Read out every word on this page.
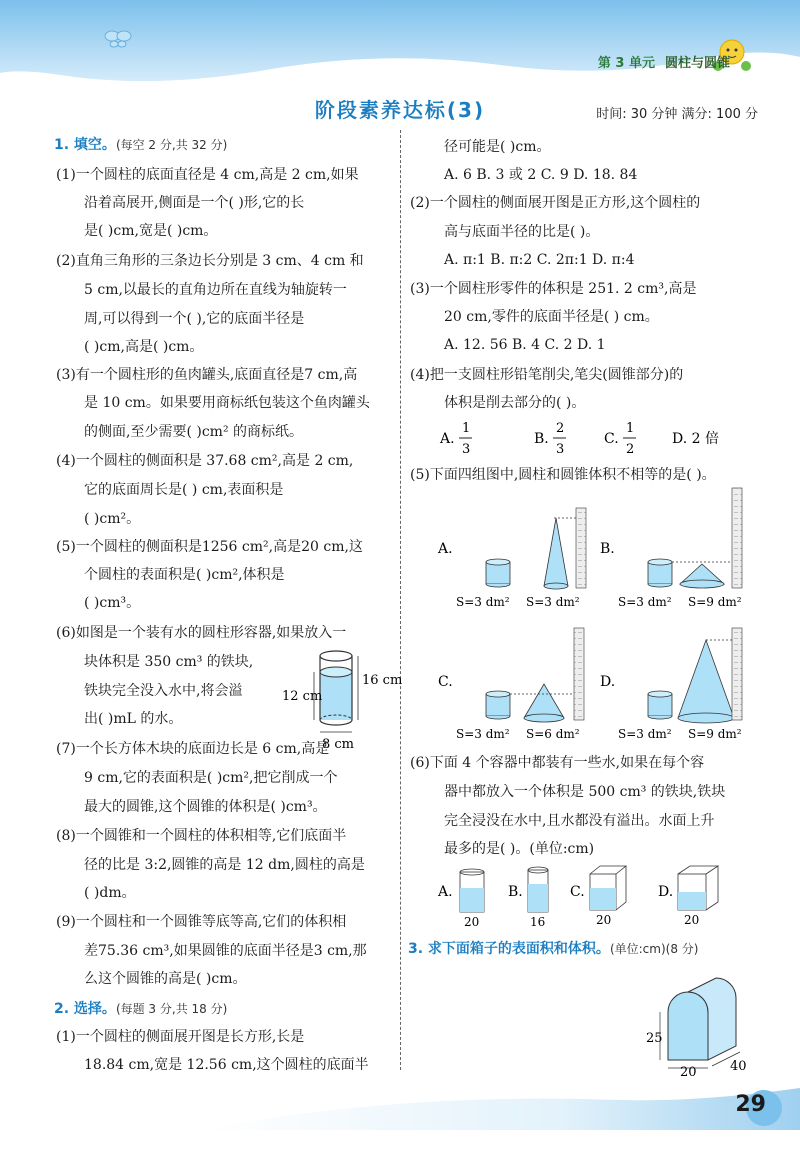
第 3 单元 圆柱与圆锥
阶段素养达标(3)	时间: 30 分钟 满分: 100 分
1. 填空。(每空 2 分,共 32 分)
(1)一个圆柱的底面直径是 4 cm,高是 2 cm,如果
沿着高展开,侧面是一个( )形,它的长
是( )cm,宽是( )cm。
(2)直角三角形的三条边长分别是 3 cm、4 cm 和
5 cm,以最长的直角边所在直线为轴旋转一
周,可以得到一个( ),它的底面半径是
( )cm,高是( )cm。
(3)有一个圆柱形的鱼肉罐头,底面直径是7 cm,高
是 10 cm。如果要用商标纸包装这个鱼肉罐头
的侧面,至少需要( )cm² 的商标纸。
(4)一个圆柱的侧面积是 37.68 cm²,高是 2 cm,
它的底面周长是( ) cm,表面积是
( )cm²。
(5)一个圆柱的侧面积是1256 cm²,高是20 cm,这
个圆柱的表面积是( )cm²,体积是
( )cm³。
(6)如图是一个装有水的圆柱形容器,如果放入一
块体积是 350 cm³ 的铁块,
铁块完全没入水中,将会溢
出( )mL 的水。
16 cm
12 cm
8 cm
(7)一个长方体木块的底面边长是 6 cm,高是
9 cm,它的表面积是( )cm²,把它削成一个
最大的圆锥,这个圆锥的体积是( )cm³。
(8)一个圆锥和一个圆柱的体积相等,它们底面半
径的比是 3:2,圆锥的高是 12 dm,圆柱的高是
( )dm。
(9)一个圆柱和一个圆锥等底等高,它们的体积相
差75.36 cm³,如果圆锥的底面半径是3 cm,那
么这个圆锥的高是( )cm。
2. 选择。(每题 3 分,共 18 分)
(1)一个圆柱的侧面展开图是长方形,长是
18.84 cm,宽是 12.56 cm,这个圆柱的底面半
径可能是( )cm。
A. 6 B. 3 或 2 C. 9 D. 18. 84
(2)一个圆柱的侧面展开图是正方形,这个圆柱的
高与底面半径的比是( )。
A. π:1 B. π:2 C. 2π:1 D. π:4
(3)一个圆柱形零件的体积是 251. 2 cm³,高是
20 cm,零件的底面半径是( ) cm。
A. 12. 56 B. 4 C. 2 D. 1
(4)把一支圆柱形铅笔削尖,笔尖(圆锥部分)的
体积是削去部分的( )。
A.
1
3
B.
2
3
C.
1
2
D. 2 倍
(5)下面四组图中,圆柱和圆锥体积不相等的是( )。
A.
S=3 dm² S=3 dm²
B.
S=3 dm² S=9 dm²
C.
S=3 dm² S=6 dm²
D.
S=3 dm² S=9 dm²
(6)下面 4 个容器中都装有一些水,如果在每个容
器中都放入一个体积是 500 cm³ 的铁块,铁块
完全浸没在水中,且水都没有溢出。水面上升
最多的是( )。(单位:cm)
A.
20
B.
16
C.
20
D.
20
3. 求下面箱子的表面积和体积。(单位:cm)(8 分)
25
20	40
29
